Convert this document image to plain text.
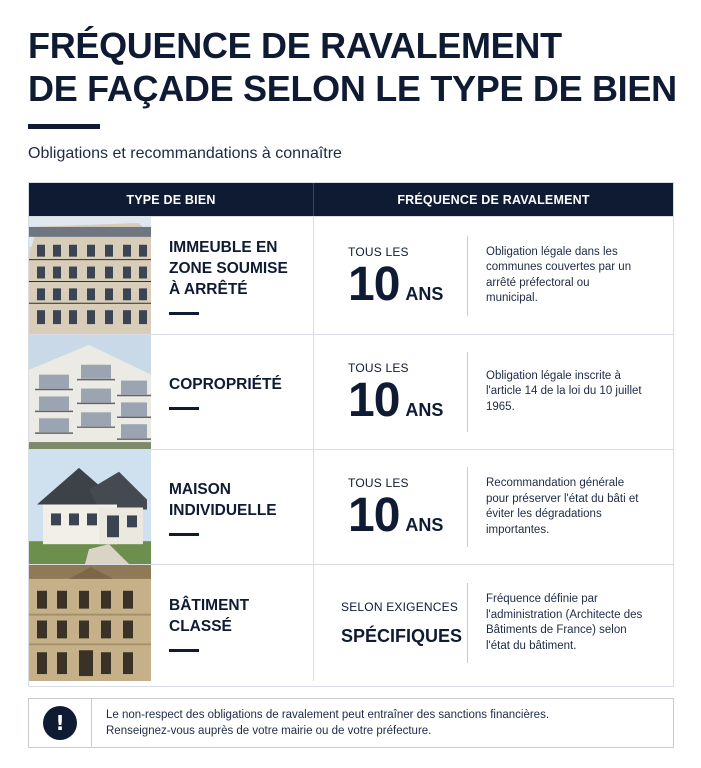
FRÉQUENCE DE RAVALEMENT
DE FAÇADE SELON LE TYPE DE BIEN
Obligations et recommandations à connaître
TYPE DE BIEN	FRÉQUENCE DE RAVALEMENT
IMMEUBLE EN
ZONE SOUMISE
À ARRÊTÉ
TOUS LES
10 ANS
Obligation légale dans les communes couvertes par un arrêté préfectoral ou municipal.
COPROPRIÉTÉ
TOUS LES
10 ANS
Obligation légale inscrite à l'article 14 de la loi du 10 juillet 1965.
MAISON
INDIVIDUELLE
TOUS LES
10 ANS
Recommandation générale pour préserver l'état du bâti et éviter les dégradations importantes.
BÂTIMENT
CLASSÉ
SELON EXIGENCES
SPÉCIFIQUES
Fréquence définie par l'administration (Architecte des Bâtiments de France) selon l'état du bâtiment.
!	Le non-respect des obligations de ravalement peut entraîner des sanctions financières.
Renseignez-vous auprès de votre mairie ou de votre préfecture.
